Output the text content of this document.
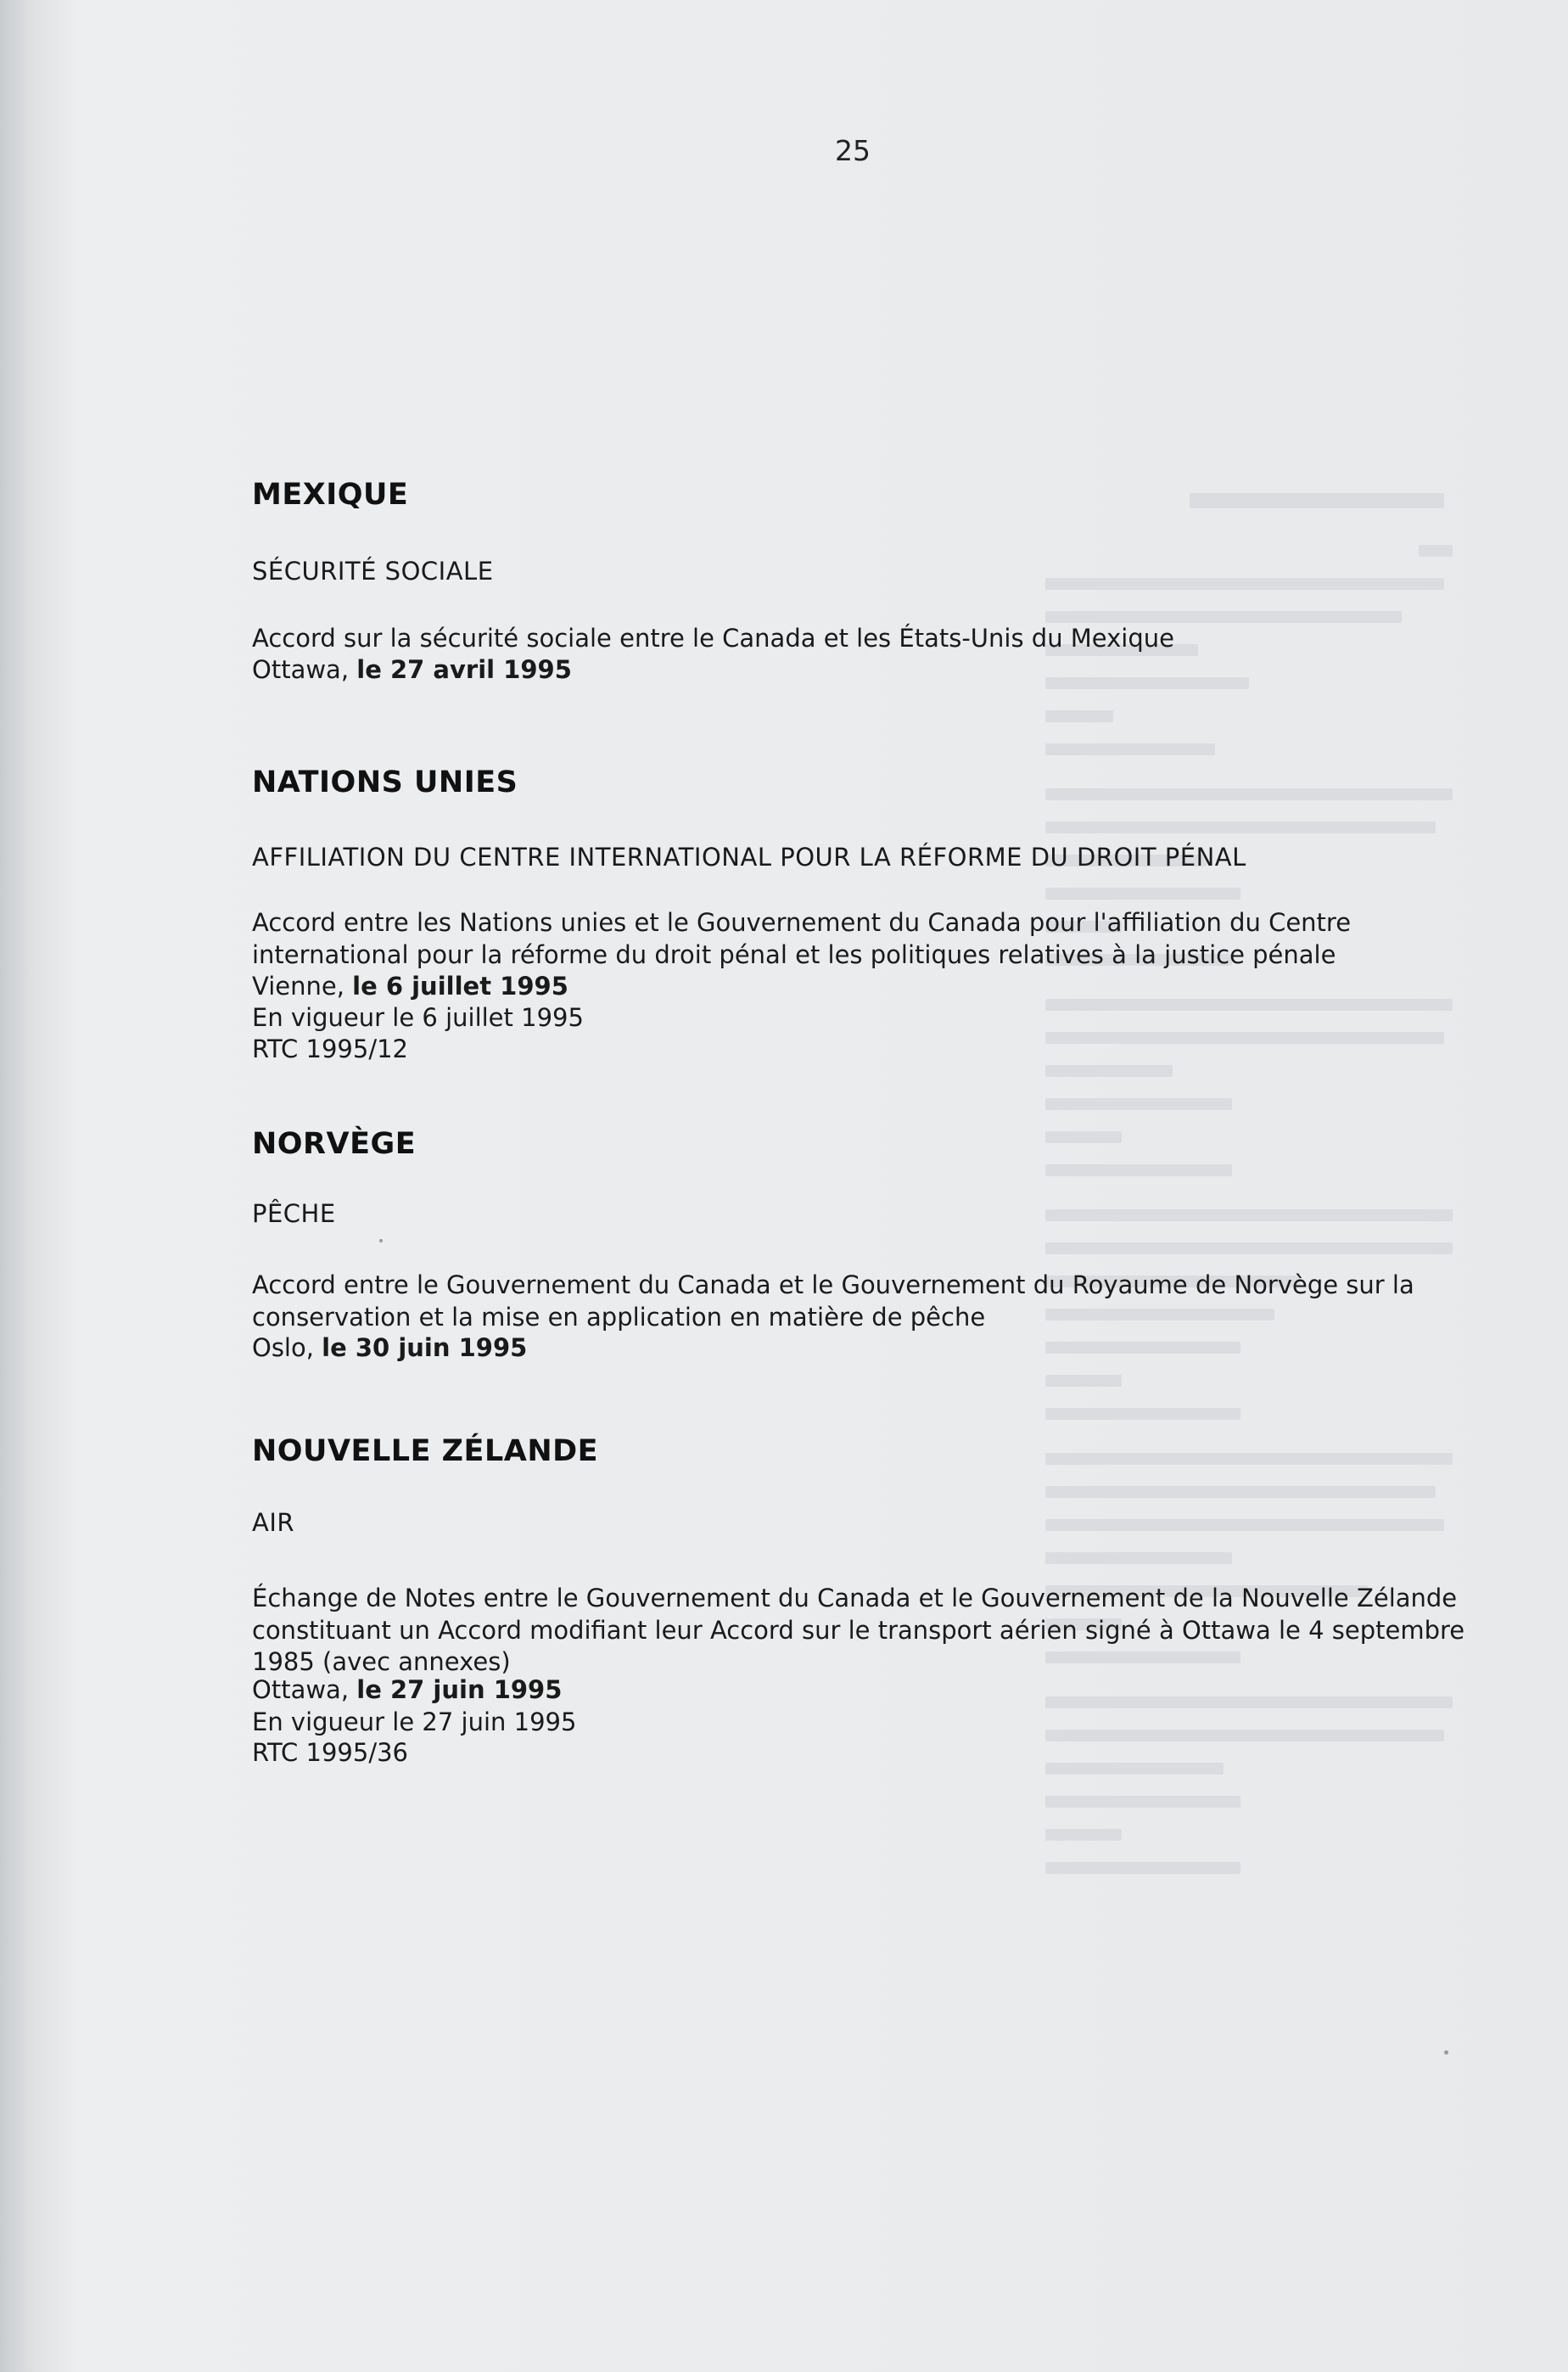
25
MEXIQUE
SÉCURITÉ SOCIALE
Accord sur la sécurité sociale entre le Canada et les États-Unis du Mexique
Ottawa, le 27 avril 1995
NATIONS UNIES
AFFILIATION DU CENTRE INTERNATIONAL POUR LA RÉFORME DU DROIT PÉNAL
Accord entre les Nations unies et le Gouvernement du Canada pour l'affiliation du Centre
international pour la réforme du droit pénal et les politiques relatives à la justice pénale
Vienne, le 6 juillet 1995
En vigueur le 6 juillet 1995
RTC 1995/12
NORVÈGE
PÊCHE
Accord entre le Gouvernement du Canada et le Gouvernement du Royaume de Norvège sur la
conservation et la mise en application en matière de pêche
Oslo, le 30 juin 1995
NOUVELLE ZÉLANDE
AIR
Échange de Notes entre le Gouvernement du Canada et le Gouvernement de la Nouvelle Zélande
constituant un Accord modifiant leur Accord sur le transport aérien signé à Ottawa le 4 septembre
1985 (avec annexes)
Ottawa, le 27 juin 1995
En vigueur le 27 juin 1995
RTC 1995/36
